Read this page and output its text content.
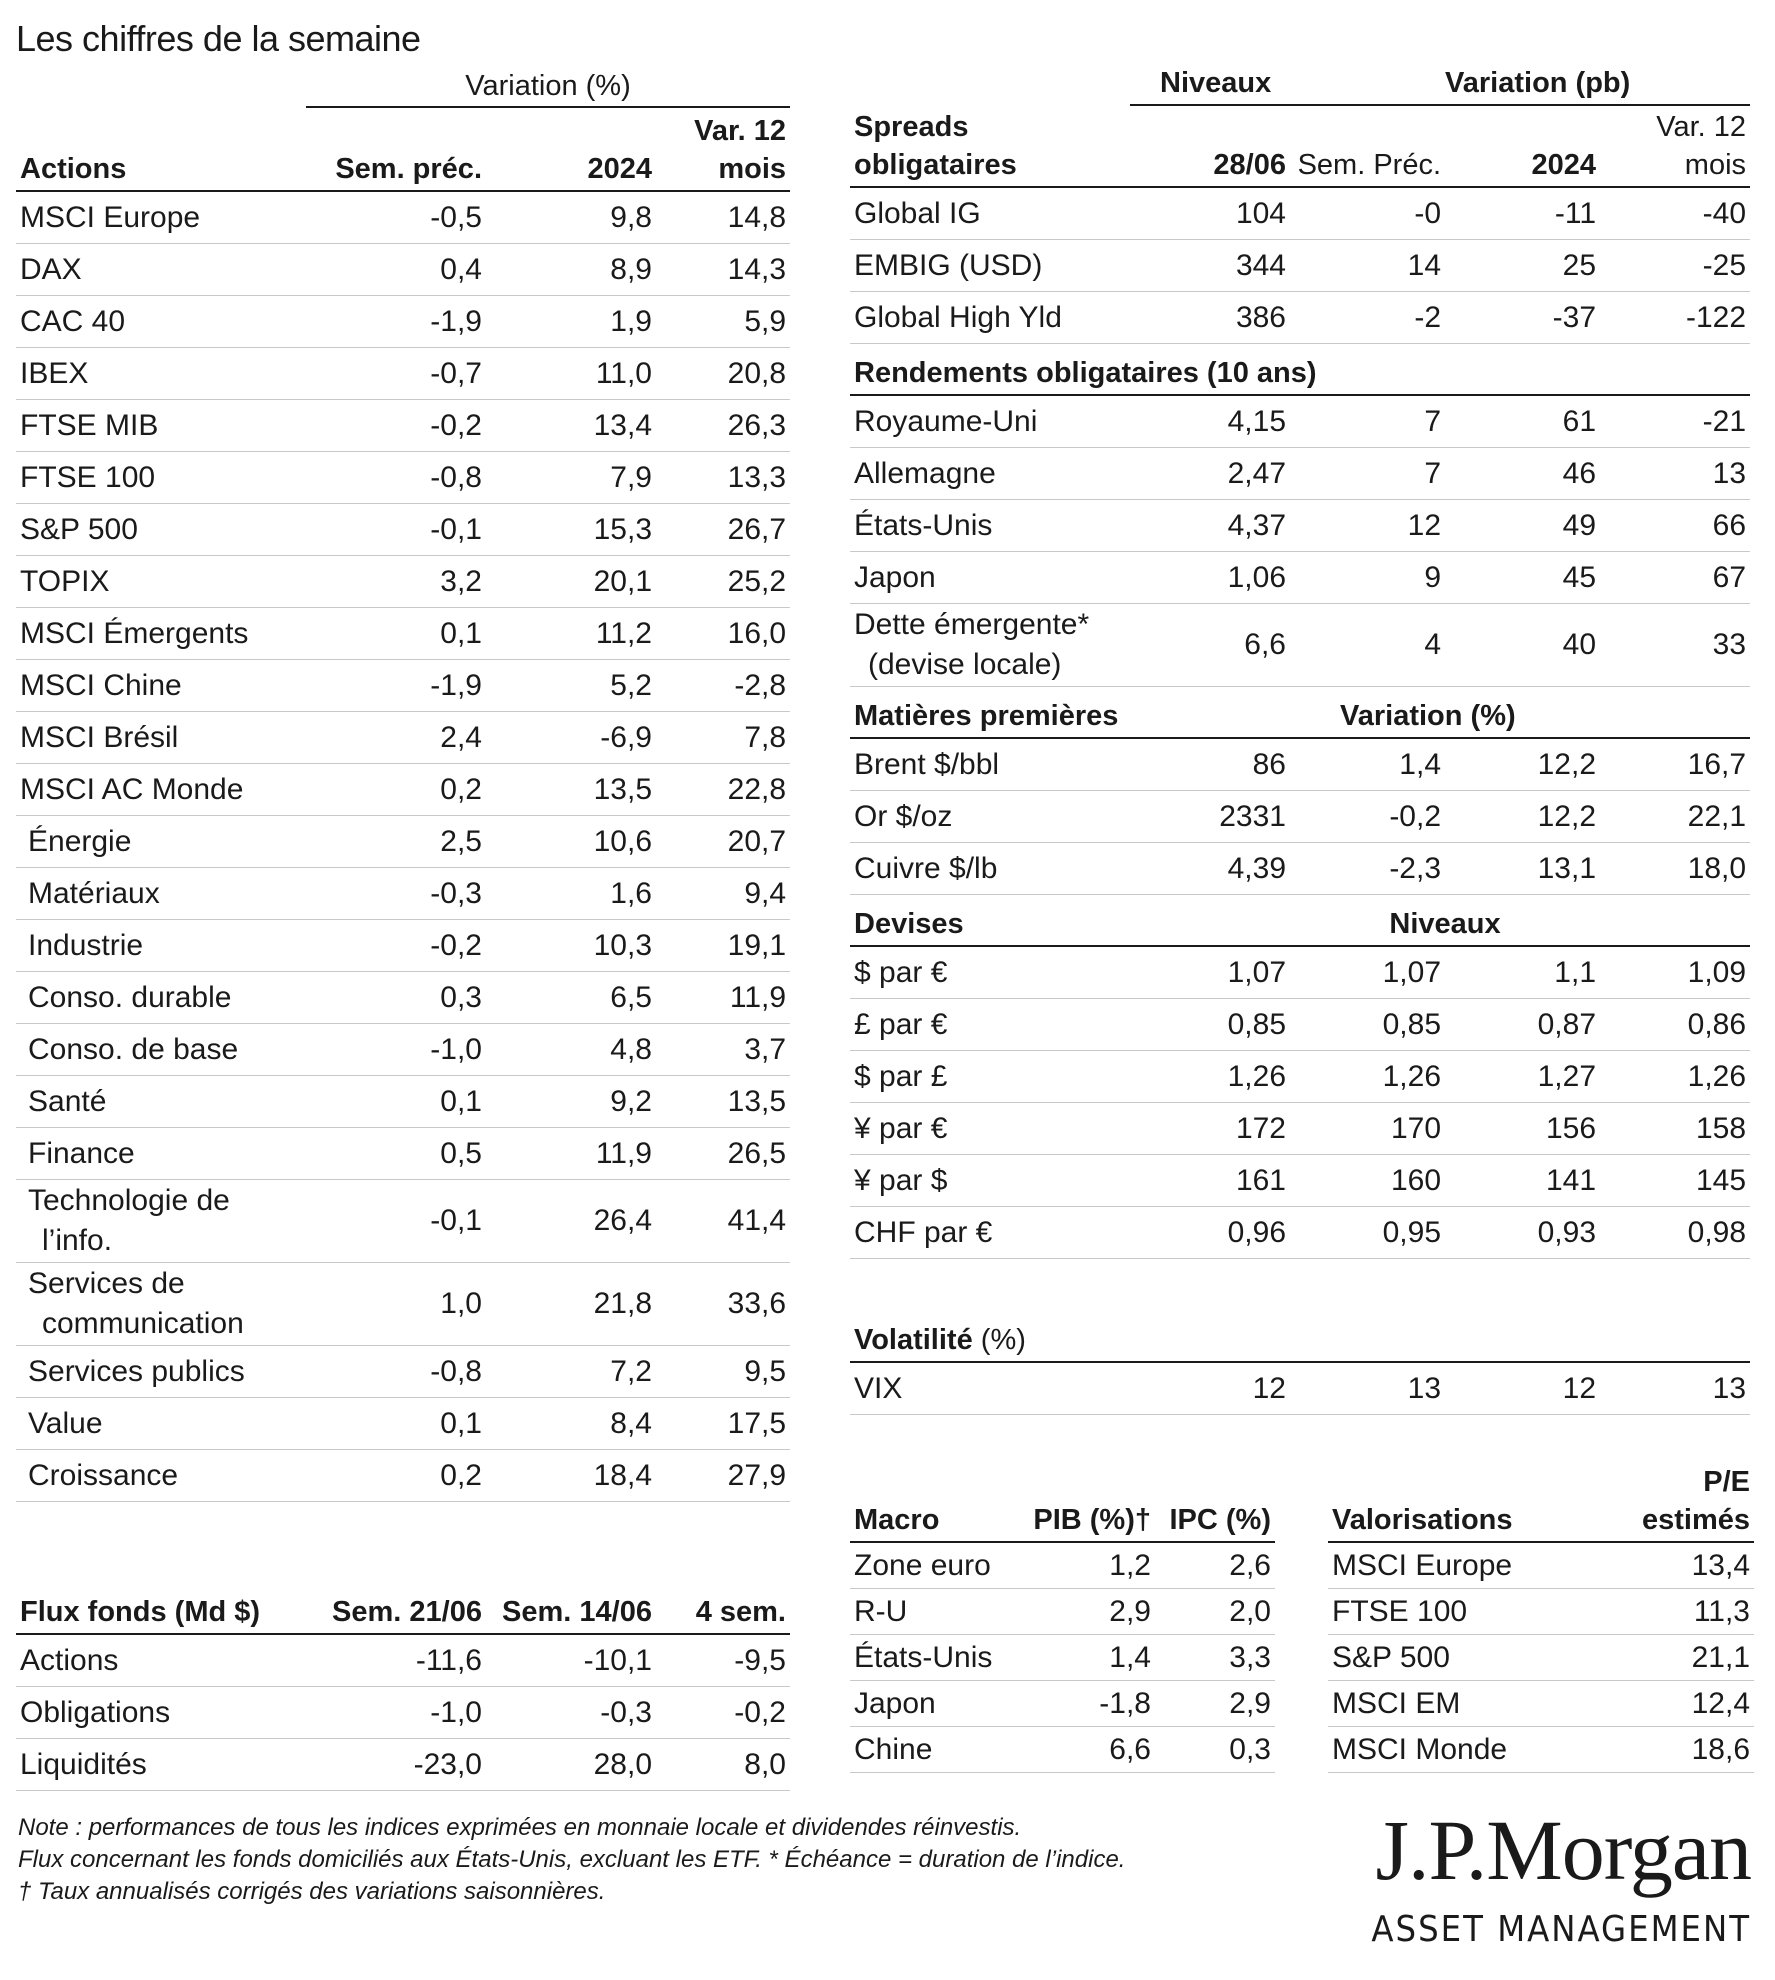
Les chiffres de la semaine
	Variation (%)		
Actions	Sem. préc.	2024	Var. 12 mois
MSCI Europe	-0,5	9,8	14,8
DAX	0,4	8,9	14,3
CAC 40	-1,9	1,9	5,9
IBEX	-0,7	11,0	20,8
FTSE MIB	-0,2	13,4	26,3
FTSE 100	-0,8	7,9	13,3
S&P 500	-0,1	15,3	26,7
TOPIX	3,2	20,1	25,2
MSCI Émergents	0,1	11,2	16,0
MSCI Chine	-1,9	5,2	-2,8
MSCI Brésil	2,4	-6,9	7,8
MSCI AC Monde	0,2	13,5	22,8
Énergie	2,5	10,6	20,7
Matériaux	-0,3	1,6	9,4
Industrie	-0,2	10,3	19,1
Conso. durable	0,3	6,5	11,9
Conso. de base	-1,0	4,8	3,7
Santé	0,1	9,2	13,5
Finance	0,5	11,9	26,5

Technologie de
l’info.	-0,1	26,4	41,4

Services de
communication	1,0	21,8	33,6
Services publics	-0,8	7,2	9,5
Value	0,1	8,4	17,5
Croissance	0,2	18,4	27,9
Flux fonds (Md $)	Sem. 21/06	Sem. 14/06	4 sem.
Actions	-11,6	-10,1	-9,5
Obligations	-1,0	-0,3	-0,2
Liquidités	-23,0	28,0	8,0
	Niveaux		Variation (pb)	
Spreads obligataires	28/06	Sem. Préc.	2024	Var. 12 mois
Global IG	104	-0	-11	-40
EMBIG (USD)	344	14	25	-25
Global High Yld	386	-2	-37	-122
Rendements obligataires (10 ans)				
Royaume-Uni	4,15	7	61	-21
Allemagne	2,47	7	46	13
États-Unis	4,37	12	49	66
Japon	1,06	9	45	67

Dette émergente*
(devise locale)	6,6	4	40	33
Matières premières		Variation (%)		
Brent $/bbl	86	1,4	12,2	16,7
Or $/oz	2331	-0,2	12,2	22,1
Cuivre $/lb	4,39	-2,3	13,1	18,0
Devises		Niveaux		
$ par €	1,07	1,07	1,1	1,09
£ par €	0,85	0,85	0,87	0,86
$ par £	1,26	1,26	1,27	1,26
¥ par €	172	170	156	158
¥ par $	161	160	141	145
CHF par €	0,96	0,95	0,93	0,98

Volatilité (%)				
VIX	12	13	12	13
Macro	PIB (%)†	IPC (%)
Zone euro	1,2	2,6
R-U	2,9	2,0
États-Unis	1,4	3,3
Japon	-1,8	2,9
Chine	6,6	0,3
Valorisations	P/E estimés
MSCI Europe	13,4
FTSE 100	11,3
S&P 500	21,1
MSCI EM	12,4
MSCI Monde	18,6

Note : performances de tous les indices exprimées en monnaie locale et dividendes réinvestis.

Flux concernant les fonds domiciliés aux États-Unis, excluant les ETF. * Échéance = duration de l’indice.

† Taux annualisés corrigés des variations saisonnières.	J.P.Morgan
ASSET MANAGEMENT
